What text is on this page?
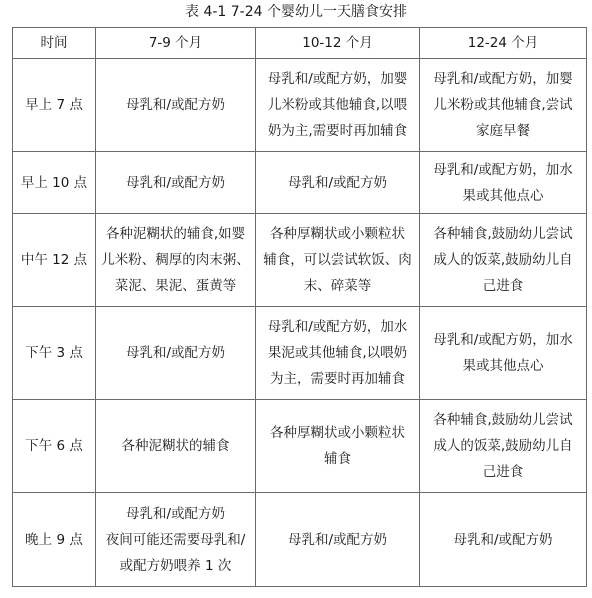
表 4-1 7-24 个婴幼儿一天膳食安排
时间	7-9 个月	10-12 个月	12-24 个月
早上 7 点	母乳和/或配方奶	母乳和/或配方奶，加婴
儿米粉或其他辅食,以喂
奶为主,需要时再加辅食	母乳和/或配方奶，加婴
儿米粉或其他辅食,尝试
家庭早餐

早上 10 点	母乳和/或配方奶	母乳和/或配方奶	母乳和/或配方奶，加水
果或其他点心

中午 12 点	各种泥糊状的辅食,如婴
儿米粉、稠厚的肉末粥、
菜泥、果泥、蛋黄等	各种厚糊状或小颗粒状
辅食，可以尝试软饭、肉
末、碎菜等	各种辅食,鼓励幼儿尝试
成人的饭菜,鼓励幼儿自
己进食

下午 3 点	母乳和/或配方奶	母乳和/或配方奶，加水
果泥或其他辅食,以喂奶
为主，需要时再加辅食	母乳和/或配方奶，加水
果或其他点心

下午 6 点	各种泥糊状的辅食	各种厚糊状或小颗粒状
辅食	各种辅食,鼓励幼儿尝试
成人的饭菜,鼓励幼儿自
己进食

晚上 9 点	母乳和/或配方奶
夜间可能还需要母乳和/
或配方奶喂养 1 次	母乳和/或配方奶	母乳和/或配方奶
